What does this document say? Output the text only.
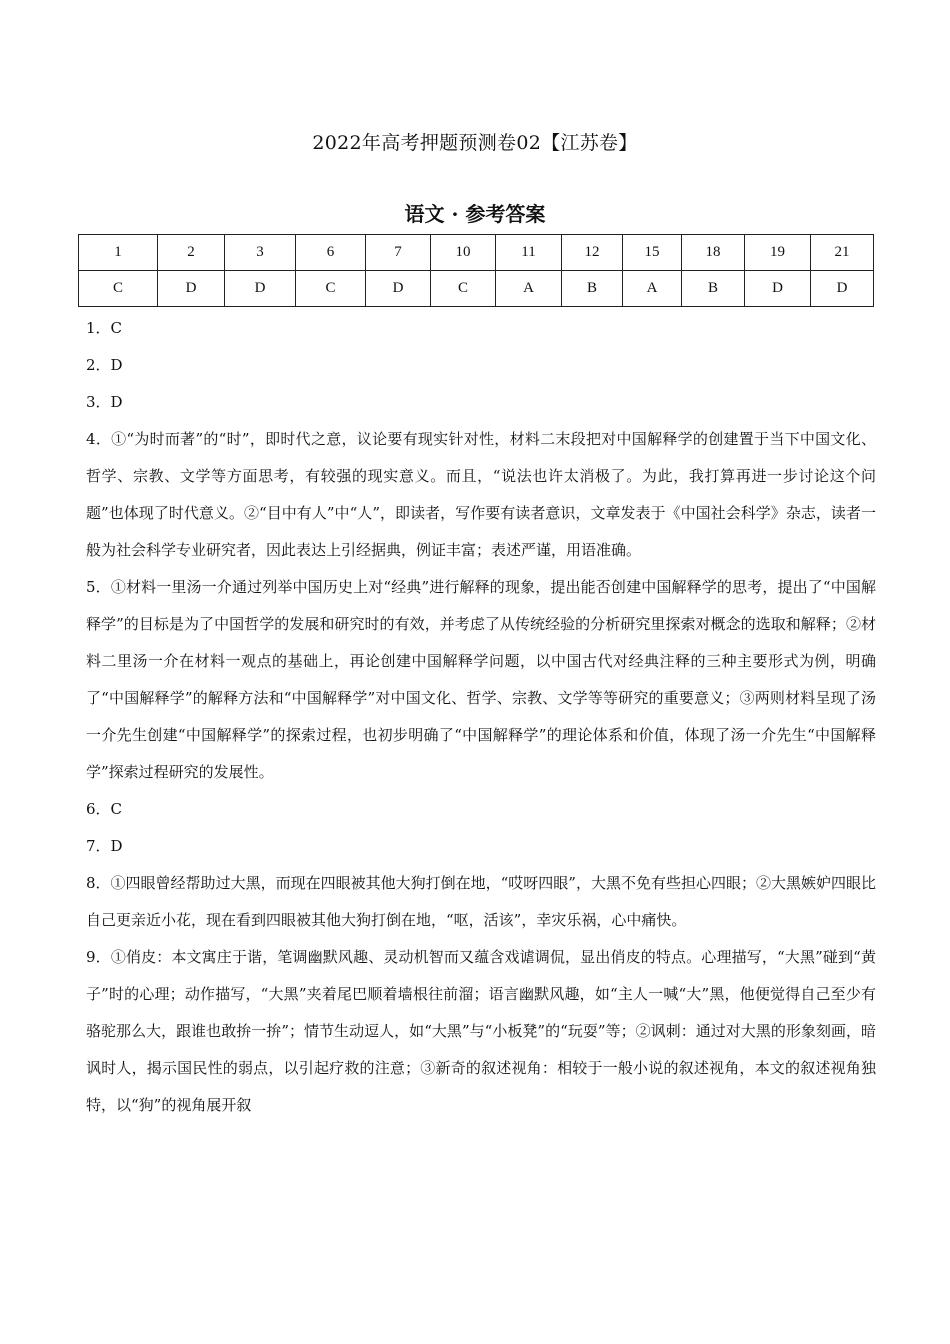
2022年高考押题预测卷02【江苏卷】
语文 · 参考答案
1	2	3	6	7	10	11	12	15	18	19	21
C	D	D	C	D	C	A	B	A	B	D	D

1．C

2．D

3．D

4．①“为时而著”的“时”，即时代之意，议论要有现实针对性，材料二末段把对中国解释学的创建置于当下中国文化、哲学、宗教、文学等方面思考，有较强的现实意义。而且，“说法也许太消极了。为此，我打算再进一步讨论这个问题”也体现了时代意义。②“目中有人”中“人”，即读者，写作要有读者意识，文章发表于《中国社会科学》杂志，读者一般为社会科学专业研究者，因此表达上引经据典，例证丰富；表述严谨，用语准确。

5．①材料一里汤一介通过列举中国历史上对“经典”进行解释的现象，提出能否创建中国解释学的思考，提出了“中国解释学”的目标是为了中国哲学的发展和研究时的有效，并考虑了从传统经验的分析研究里探索对概念的选取和解释；②材料二里汤一介在材料一观点的基础上，再论创建中国解释学问题，以中国古代对经典注释的三种主要形式为例，明确了“中国解释学”的解释方法和“中国解释学”对中国文化、哲学、宗教、文学等等研究的重要意义；③两则材料呈现了汤一介先生创建“中国解释学”的探索过程，也初步明确了“中国解释学”的理论体系和价值，体现了汤一介先生“中国解释学”探索过程研究的发展性。

6．C

7．D

8．①四眼曾经帮助过大黑，而现在四眼被其他大狗打倒在地，“哎呀四眼”，大黑不免有些担心四眼；②大黑嫉妒四眼比自己更亲近小花，现在看到四眼被其他大狗打倒在地，“呕，活该”，幸灾乐祸，心中痛快。

9．①俏皮：本文寓庄于谐，笔调幽默风趣、灵动机智而又蕴含戏谑调侃，显出俏皮的特点。心理描写，“大黑”碰到“黄子”时的心理；动作描写，“大黑”夹着尾巴顺着墙根往前溜；语言幽默风趣，如“主人一喊“大”黑，他便觉得自己至少有骆驼那么大，跟谁也敢拚一拚”；情节生动逗人，如“大黑”与“小板凳”的“玩耍”等；②讽刺：通过对大黑的形象刻画，暗讽时人，揭示国民性的弱点，以引起疗救的注意；③新奇的叙述视角：相较于一般小说的叙述视角，本文的叙述视角独特，以“狗”的视角展开叙
